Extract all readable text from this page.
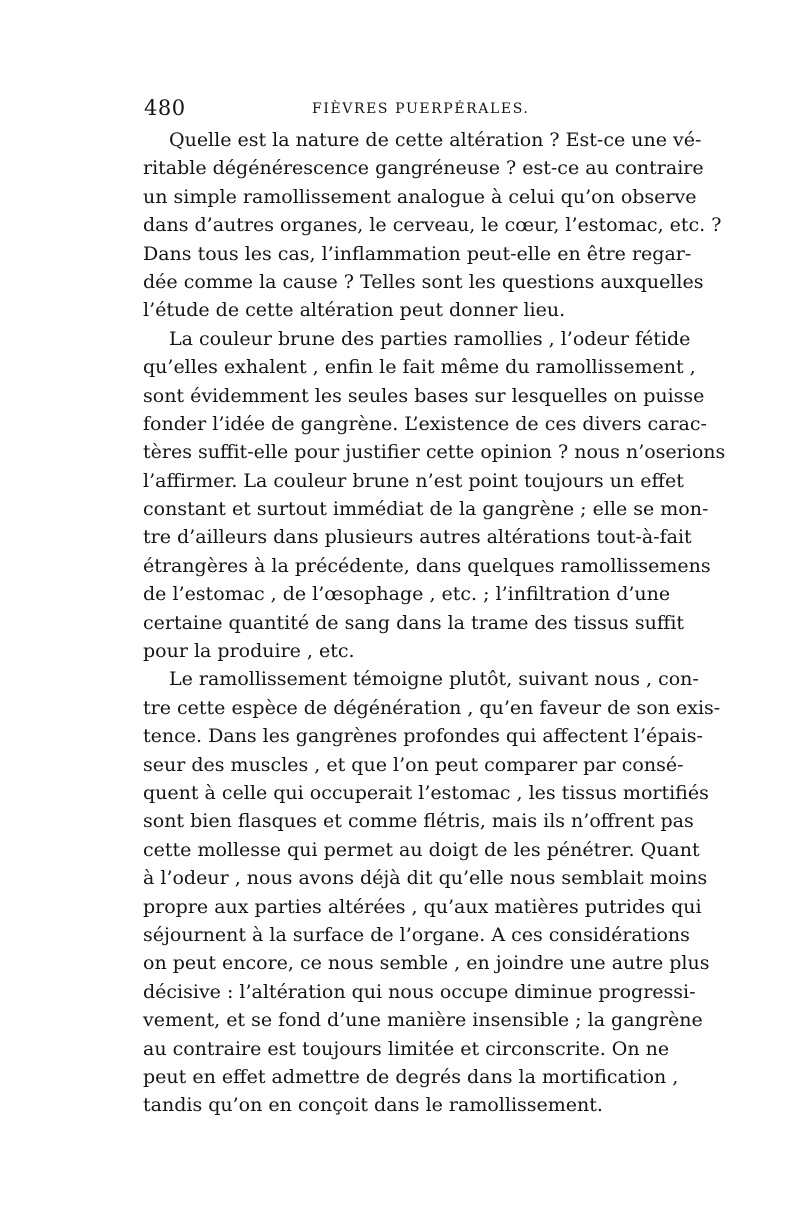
480	FIÈVRES PUERPÉRALES.
Quelle est la nature de cette altération ? Est-ce une vé-
ritable dégénérescence gangréneuse ? est-ce au contraire
un simple ramollissement analogue à celui qu’on observe
dans d’autres organes, le cerveau, le cœur, l’estomac, etc. ?
Dans tous les cas, l’inflammation peut-elle en être regar-
dée comme la cause ? Telles sont les questions auxquelles
l’étude de cette altération peut donner lieu.
La couleur brune des parties ramollies , l’odeur fétide
qu’elles exhalent , enfin le fait même du ramollissement ,
sont évidemment les seules bases sur lesquelles on puisse
fonder l’idée de gangrène. L’existence de ces divers carac-
tères suffit-elle pour justifier cette opinion ? nous n’oserions
l’affirmer. La couleur brune n’est point toujours un effet
constant et surtout immédiat de la gangrène ; elle se mon-
tre d’ailleurs dans plusieurs autres altérations tout-à-fait
étrangères à la précédente, dans quelques ramollissemens
de l’estomac , de l’œsophage , etc. ; l’infiltration d’une
certaine quantité de sang dans la trame des tissus suffit
pour la produire , etc.
Le ramollissement témoigne plutôt, suivant nous , con-
tre cette espèce de dégénération , qu’en faveur de son exis-
tence. Dans les gangrènes profondes qui affectent l’épais-
seur des muscles , et que l’on peut comparer par consé-
quent à celle qui occuperait l’estomac , les tissus mortifiés
sont bien flasques et comme flétris, mais ils n’offrent pas
cette mollesse qui permet au doigt de les pénétrer. Quant
à l’odeur , nous avons déjà dit qu’elle nous semblait moins
propre aux parties altérées , qu’aux matières putrides qui
séjournent à la surface de l’organe. A ces considérations
on peut encore, ce nous semble , en joindre une autre plus
décisive : l’altération qui nous occupe diminue progressi-
vement, et se fond d’une manière insensible ; la gangrène
au contraire est toujours limitée et circonscrite. On ne
peut en effet admettre de degrés dans la mortification ,
tandis qu’on en conçoit dans le ramollissement.
